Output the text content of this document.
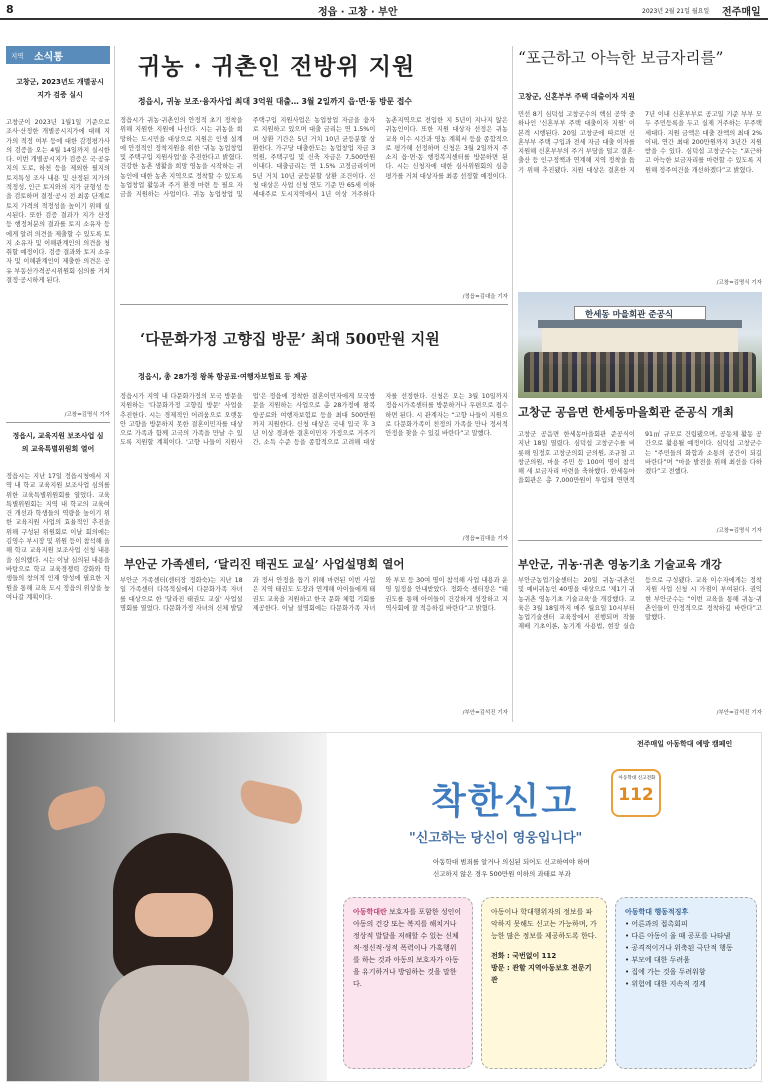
8	정읍 · 고창 · 부안	2023년 2월 21일 월요일 전주매일
지역 소식통
고창군, 2023년도 개별공시지가 검증 실시
고창군이 2023년 1월1일 기준으로 조사·산정한 개별공시지가에 대해 지가의 적정 여부 등에 대한 감정평가사의 검증을 오는 4월 14일까지 실시한다. 이번 개별공시지가 검증은 국·공유지의 도로, 하천 등을 제외한 필지의 토지특성 조사 내용 및 산정된 지가의 적정성, 인근 토지와의 지가 균형성 등을 검토하며 결정·공시 전 최종 단계로 토지 가격의 적정성을 높이기 위해 실시된다. 또한 검증 결과가 지가 산정 등 행정처분의 결과를 토지 소유자 등에게 알려 의견을 제출할 수 있도록 토지 소유자 및 이해관계인의 의견을 청취할 예정이다. 검증 결과와 토지 소유자 및 이해관계인이 제출한 의견은 공유 부동산가격공시위원회 심의를 거쳐 결정·공시하게 된다.
/고창=김명식 기자
정읍시, 교육지원 보조사업 심의 교육특별위원회 열어
정읍시는 지난 17일 정읍시청에서 지역 내 학교 교육지원 보조사업 심의를 위한 교육특별위원회를 열었다. 교육특별위원회는 지역 내 학교의 교육여건 개선과 학생들의 역량을 높이기 위한 교육지원 사업의 효율적인 추진을 위해 구성된 위원회로 이날 회의에는 김영수 부시장 및 위원 등이 참석해 올해 학교 교육지원 보조사업 신청 내용을 심의했다. 시는 이날 심의된 내용을 바탕으로 학교 교육경쟁력 강화와 학생들의 창의적 인재 양성에 필요한 지원을 통해 교육 도시 정읍의 위상을 높여나갈 계획이다.
귀농 · 귀촌인 전방위 지원
정읍시, 귀농 보조·융자사업 최대 3억원 대출… 3월 2일까지 읍·면·동 방문 접수
정읍시가 귀농·귀촌인의 안정적 초기 정착을 위해 지원한 지원에 나선다. 시는 귀농을 희망하는 도시민을 대상으로 지원은 인생 설계에 안정적인 정착지원을 위한 '귀농 농업창업 및 주택구입 지원사업'을 추진한다고 밝혔다. 건강한 농촌 생활을 희망 영농을 시작하는 귀농인에 대한 농촌 지역으로 정착할 수 있도록 농업창업 활동과 주거 환경 마련 등 필요 자금을 지원하는 사업이다. 귀농 농업창업 및 주택구입 지원사업은 농업창업 자금을 융자로 지원하고 있으며 대출 금리는 연 1.5%이며 상환 기간은 5년 거치 10년 균등분할 상환한다. 가구당 대출한도는 농업창업 자금 3억원, 주택구입 및 신축 자금은 7,500만원 이내다. 대출금리는 연 1.5% 고정금리이며 5년 거치 10년 균등분할 상환 조건이다. 신청 대상은 사업 신청 연도 기준 만 65세 이하 세대주로 도시지역에서 1년 이상 거주하다 농촌지역으로 전입한 지 5년이 지나지 않은 귀농인이다. 또한 지원 대상자 선정은 귀농 교육 이수 시간과 영농 계획서 등을 종합적으로 평가해 선정하며 신청은 3월 2일까지 주소지 읍·면·동 행정복지센터를 방문하면 된다. 시는 신청자에 대한 심사위원회의 심층 평가를 거쳐 대상자를 최종 선정할 예정이다.
/정읍=김대을 기자
‘다문화가정 고향집 방문’ 최대 500만원 지원
정읍시, 총 28가정 왕복 항공료·여행자보험료 등 제공
정읍시가 지역 내 다문화가정의 모국 방문을 지원하는 '다문화가정 고향집 방문' 사업을 추진한다. 시는 경제적인 어려움으로 오랫동안 고향을 방문하지 못한 결혼이민자를 대상으로 가족과 함께 고국의 가족을 만날 수 있도록 지원할 계획이다. '고향 나들이 지원사업'은 정읍에 정착한 결혼이민자에게 모국방문을 지원하는 사업으로 총 28가정에 왕복 항공료와 여행자보험료 등을 최대 500만원까지 지원한다. 신청 대상은 국내 입국 후 3년 이상 경과한 결혼이민자 가정으로 거주기간, 소득 수준 등을 종합적으로 고려해 대상자를 선정한다. 신청은 오는 3월 10일까지 정읍시가족센터를 방문하거나 우편으로 접수하면 된다. 시 관계자는 “고향 나들이 지원으로 다문화가족이 친정의 가족을 만나 정서적 안정을 찾을 수 있길 바란다”고 말했다.
/정읍=김대을 기자
부안군 가족센터, ‘달리진 태권도 교실’ 사업설명회 열어
부안군 가족센터(센터장 정화숙)는 지난 18일 가족센터 다목적실에서 다문화가족 자녀를 대상으로 한 '달라진 태권도 교실' 사업설명회를 열었다. 다문화가정 자녀의 신체 발달과 정서 안정을 돕기 위해 마련된 이번 사업은 지역 태권도 도장과 연계해 아이들에게 태권도 교육을 지원하고 한국 문화 체험 기회를 제공한다. 이날 설명회에는 다문화가족 자녀와 부모 등 30여 명이 참석해 사업 내용과 운영 일정을 안내받았다. 정화숙 센터장은 “태권도를 통해 아이들이 건강하게 성장하고 지역사회에 잘 적응하길 바란다”고 밝혔다.
/부안=김석진 기자
“포근하고 아늑한 보금자리를”
고창군, 신혼부부 주택 대출이자 지원
민선 8기 심덕섭 고창군수의 핵심 공약 중 하나인 '신혼부부 주택 대출이자 지원' 이 본격 시행된다. 20일 고창군에 따르면 신혼부부 주택 구입과 전세 자금 대출 이자를 지원해 신혼부부의 주거 부담을 덜고 결혼·출산 등 인구정책과 연계해 지역 정착을 돕기 위해 추진됐다. 지원 대상은 결혼한 지 7년 이내 신혼부부로 공고일 기준 부부 모두 주민등록을 두고 실제 거주하는 무주택 세대다. 지원 금액은 대출 잔액의 최대 2% 이내, 연간 최대 200만원까지 3년간 지원받을 수 있다. 심덕섭 고창군수는 “포근하고 아늑한 보금자리를 마련할 수 있도록 지원해 정주여건을 개선하겠다”고 밝혔다.
/고창=김명식 기자
한세동 마을회관 준공식
고창군 공음면 한세동마을회관 준공식 개최
고창군 공음면 한세동마을회관 준공식이 지난 18일 열렸다. 심덕섭 고창군수를 비롯해 임정호 고창군의회 군의원, 조규철 고창군의원, 마을 주민 등 100여 명이 참석해 새 보금자리 마련을 축하했다. 한세동마을회관은 총 7,000만원이 투입돼 연면적 91㎡ 규모로 건립됐으며, 공동체 활동 공간으로 활용될 예정이다. 심덕섭 고창군수는 “주민들의 화합과 소통의 공간이 되길 바란다”며 “마을 발전을 위해 최선을 다하겠다”고 전했다.
/고창=김명식 기자
부안군, 귀농·귀촌 영농기초 기술교육 개강
부안군농업기술센터는 20일 귀농·귀촌인 및 예비귀농인 40명을 대상으로 '제1기 귀농귀촌 영농기초 기술교육'을 개강했다. 교육은 3월 18일까지 매주 월요일 10시부터 농업기술센터 교육장에서 진행되며 작물 재배 기초이론, 농기계 사용법, 현장 실습 등으로 구성됐다. 교육 이수자에게는 정착지원 사업 신청 시 가점이 부여된다. 권익현 부안군수는 “이번 교육을 통해 귀농·귀촌인들이 안정적으로 정착하길 바란다”고 말했다.
/부안=김석진 기자
전주매일 아동학대 예방 캠페인
착한신고
아동학대 신고전화
112
"신고하는 당신이 영웅입니다"
아동학대 범죄를 알거나 의심된 되어도 신고하여야 하며
신고하지 않은 경우 500만원 이하의 과태료 부과
아동학대란 보호자를 포함한 성인이 아동의 건강 또는 복지를 해치거나 정상적 발달을 저해할 수 있는 신체적·정신적·성적 폭력이나 가혹행위를 하는 것과 아동의 보호자가 아동을 유기하거나 방임하는 것을 말한다.
아동이나 학대행위자의 정보를 파악하지 못해도 신고는 가능하며, 가능한 많은 정보를 제공하도록 한다.
전화 : 국번없이 112
방문 : 관할 지역아동보호 전문기관
아동학대 행동적징후
• 어른과의 접촉회피
• 다른 아동이 울 때 공포를 나타냄
• 공격적이거나 위축된 극단적 행동
• 부모에 대한 두려움
• 집에 가는 것을 두려워함
• 위험에 대한 지속적 경계
